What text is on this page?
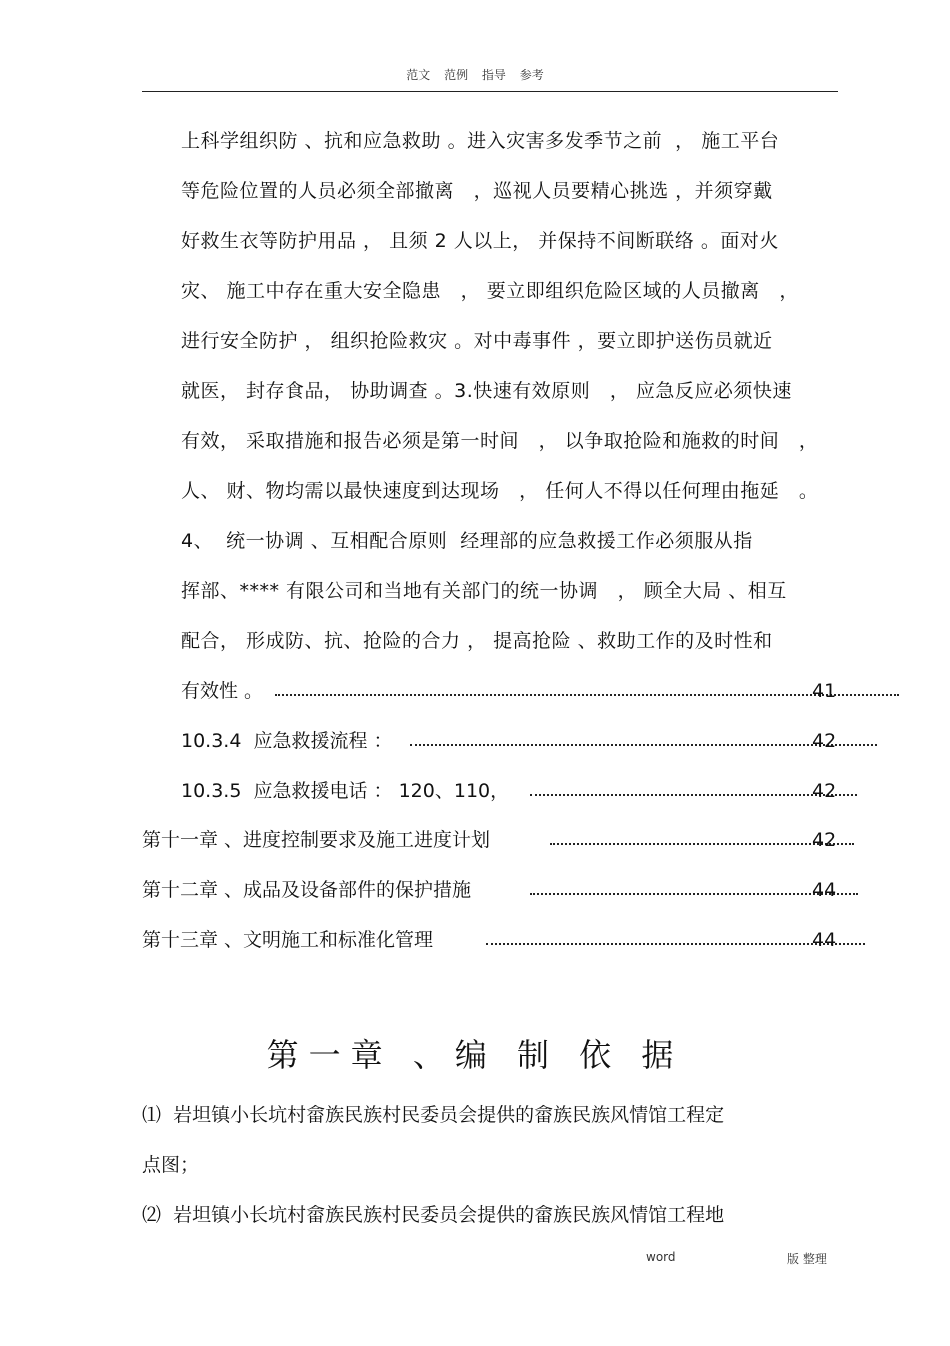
范文 范例 指导 参考
上科学组织防 、抗和应急救助 。进入灾害多发季节之前  ， 施工平台
等危险位置的人员必须全部撤离   ，巡视人员要精心挑选 ，并须穿戴
好救生衣等防护用品 ， 且须 2 人以上， 并保持不间断联络 。面对火
灾、 施工中存在重大安全隐患   ， 要立即组织危险区域的人员撤离   ，
进行安全防护 ， 组织抢险救灾 。对中毒事件 ，要立即护送伤员就近
就医， 封存食品， 协助调查 。3.快速有效原则   ， 应急反应必须快速
有效， 采取措施和报告必须是第一时间   ， 以争取抢险和施救的时间   ，
人、 财、物均需以最快速度到达现场   ， 任何人不得以任何理由拖延   。
4、  统一协调 、互相配合原则  经理部的应急救援工作必须服从指
挥部、**** 有限公司和当地有关部门的统一协调   ， 顾全大局 、相互
配合， 形成防、抗、抢险的合力 ， 提高抢险 、救助工作的及时性和
有效性 。	41
10.3.4  应急救援流程 ：	42
10.3.5  应急救援电话 ： 120、110，	42
第十一章 、进度控制要求及施工进度计划	42
第十二章 、成品及设备部件的保护措施	44
第十三章 、文明施工和标准化管理	44
第一章 、编 制 依 据
⑴  岩坦镇小长坑村畲族民族村民委员会提供的畲族民族风情馆工程定
点图；
⑵  岩坦镇小长坑村畲族民族村民委员会提供的畲族民族风情馆工程地
word	版 整理
